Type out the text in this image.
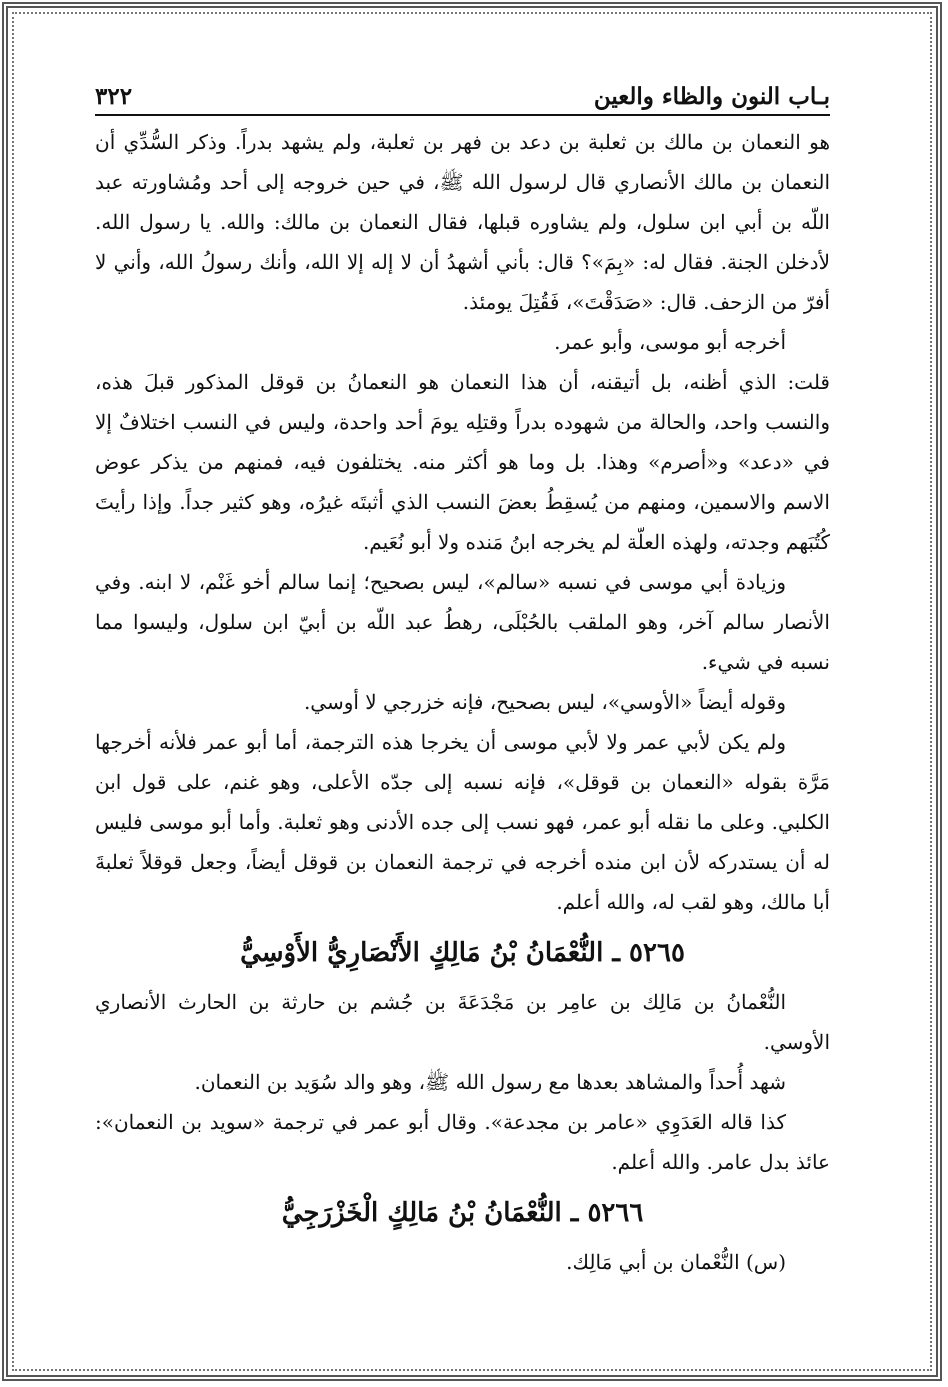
بـاب النون والظاء والعين
٣٢٢

هو النعمان بن مالك بن ثعلبة بن دعد بن فهر بن ثعلبة، ولم يشهد بدراً. وذكر السُّدِّي أن النعمان بن مالك الأنصاري قال لرسول الله ﷺ، في حين خروجه إلى أحد ومُشاورته عبد اللّه بن أبي ابن سلول، ولم يشاوره قبلها، فقال النعمان بن مالك: والله. يا رسول الله. لأدخلن الجنة. فقال له: «بِمَ»؟ قال: بأني أشهدُ أن لا إله إلا الله، وأنك رسولُ الله، وأني لا أفرّ من الزحف. قال: «صَدَقْتَ»، فَقُتِلَ يومئذ.

أخرجه أبو موسى، وأبو عمر.

قلت: الذي أظنه، بل أتيقنه، أن هذا النعمان هو النعمانُ بن قوقل المذكور قبلَ هذه، والنسب واحد، والحالة من شهوده بدراً وقتلِه يومَ أحد واحدة، وليس في النسب اختلافٌ إلا في «دعد» و«أصرم» وهذا. بل وما هو أكثر منه. يختلفون فيه، فمنهم من يذكر عوض الاسم والاسمين، ومنهم من يُسقِطُ بعضَ النسب الذي أثبتَه غيرُه، وهو كثير جداً. وإذا رأيتَ كُتُبَهم وجدته، ولهذه العلّة لم يخرجه ابنُ مَنده ولا أبو نُعَيم.

وزيادة أبي موسى في نسبه «سالم»، ليس بصحيح؛ إنما سالم أخو غَنْم، لا ابنه. وفي الأنصار سالم آخر، وهو الملقب بالحُبْلَى، رهطُ عبد اللّه بن أبيّ ابن سلول، وليسوا مما نسبه في شيء.

وقوله أيضاً «الأوسي»، ليس بصحيح، فإنه خزرجي لا أوسي.

ولم يكن لأبي عمر ولا لأبي موسى أن يخرجا هذه الترجمة، أما أبو عمر فلأنه أخرجها مَرَّة بقوله «النعمان بن قوقل»، فإنه نسبه إلى جدّه الأعلى، وهو غنم، على قول ابن الكلبي. وعلى ما نقله أبو عمر، فهو نسب إلى جده الأدنى وهو ثعلبة. وأما أبو موسى فليس له أن يستدركه لأن ابن منده أخرجه في ترجمة النعمان بن قوقل أيضاً، وجعل قوقلاً ثعلبةَ أبا مالك، وهو لقب له، والله أعلم.

٥٢٦٥ ـ النُّعْمَانُ بْنُ مَالِكٍ الأَنْصَارِيُّ الأَوْسِيُّ

النُّعْمانُ بن مَالِك بن عامِر بن مَجْدَعَةَ بن جُشم بن حارثة بن الحارث الأنصاري الأوسي.

شهد أُحداً والمشاهد بعدها مع رسول الله ﷺ، وهو والد سُوَيد بن النعمان.

كذا قاله العَدَوِي «عامر بن مجدعة». وقال أبو عمر في ترجمة «سويد بن النعمان»: عائذ بدل عامر. والله أعلم.

٥٢٦٦ ـ النُّعْمَانُ بْنُ مَالِكٍ الْخَزْرَجِيُّ

(س) النُّعْمان بن أبي مَالِك.
